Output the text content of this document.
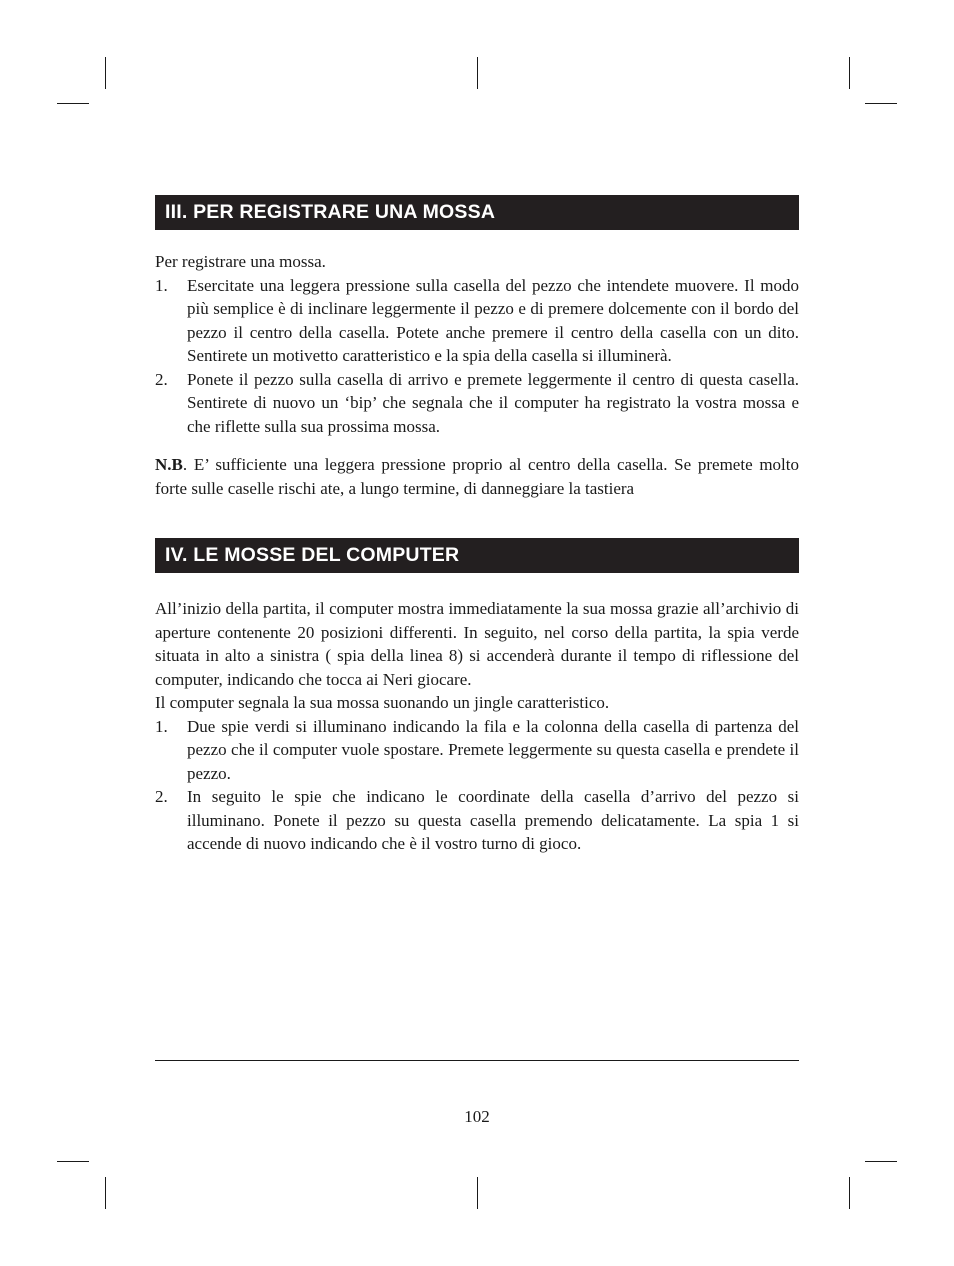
III. PER REGISTRARE UNA MOSSA

Per registrare una mossa.

1.	Esercitate una leggera pressione sulla casella del pezzo che intendete muovere. Il modo più semplice è di inclinare leggermente il pezzo e di premere dolcemente con il bordo del pezzo il centro della casella. Potete anche premere il centro della casella con un dito. Sentirete un motivetto caratteristico e la spia della casella si illuminerà.
2.	Ponete il pezzo sulla casella di arrivo e premete leggermente il centro di questa casella. Sentirete di nuovo un ‘bip’ che segnala che il computer ha registrato la vostra mossa e che riflette sulla sua prossima mossa.

N.B. E’ sufficiente una leggera pressione proprio al centro della casella. Se premete molto forte sulle caselle rischi ate, a lungo termine, di danneggiare la tastiera

IV. LE MOSSE DEL COMPUTER

All’inizio della partita, il computer mostra immediatamente la sua mossa grazie all’archivio di aperture contenente 20 posizioni differenti. In seguito, nel corso della partita, la spia verde situata in alto a sinistra ( spia della linea 8) si accenderà durante il tempo di riflessione del computer, indicando che tocca ai Neri giocare.

Il computer segnala la sua mossa suonando un jingle caratteristico.

1.	Due spie verdi si illuminano indicando la fila e la colonna della casella di partenza del pezzo che il computer vuole spostare. Premete leggermente su questa casella e prendete il pezzo.
2.	In seguito le spie che indicano le coordinate della casella d’arrivo del pezzo si illuminano. Ponete il pezzo su questa casella premendo delicatamente. La spia 1 si accende di nuovo indicando che è il vostro turno di gioco.
102
